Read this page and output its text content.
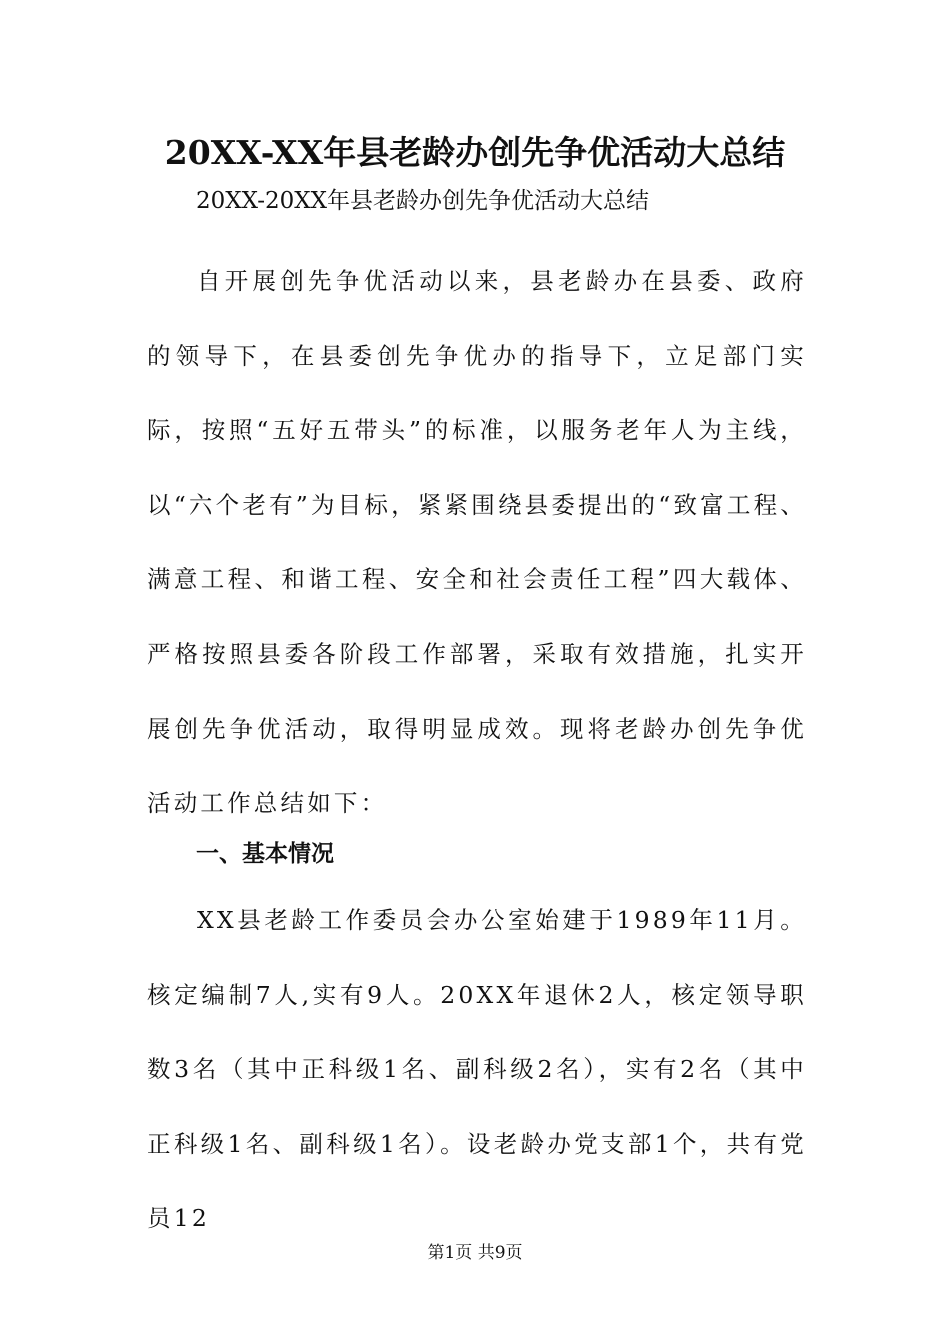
20XX-XX年县老龄办创先争优活动大总结
20XX-20XX年县老龄办创先争优活动大总结

自开展创先争优活动以来，县老龄办在县委、政府的领导下，在县委创先争优办的指导下，立足部门实际，按照“五好五带头”的标准，以服务老年人为主线，以“六个老有”为目标，紧紧围绕县委提出的“致富工程、满意工程、和谐工程、安全和社会责任工程”四大载体、严格按照县委各阶段工作部署，采取有效措施，扎实开展创先争优活动，取得明显成效。现将老龄办创先争优活动工作总结如下：

一、基本情况

XX县老龄工作委员会办公室始建于1989年11月。核定编制7人,实有9人。20XX年退休2人，核定领导职数3名（其中正科级1名、副科级2名），实有2名（其中正科级1名、副科级1名）。设老龄办党支部1个，共有党员12

第1页 共9页
